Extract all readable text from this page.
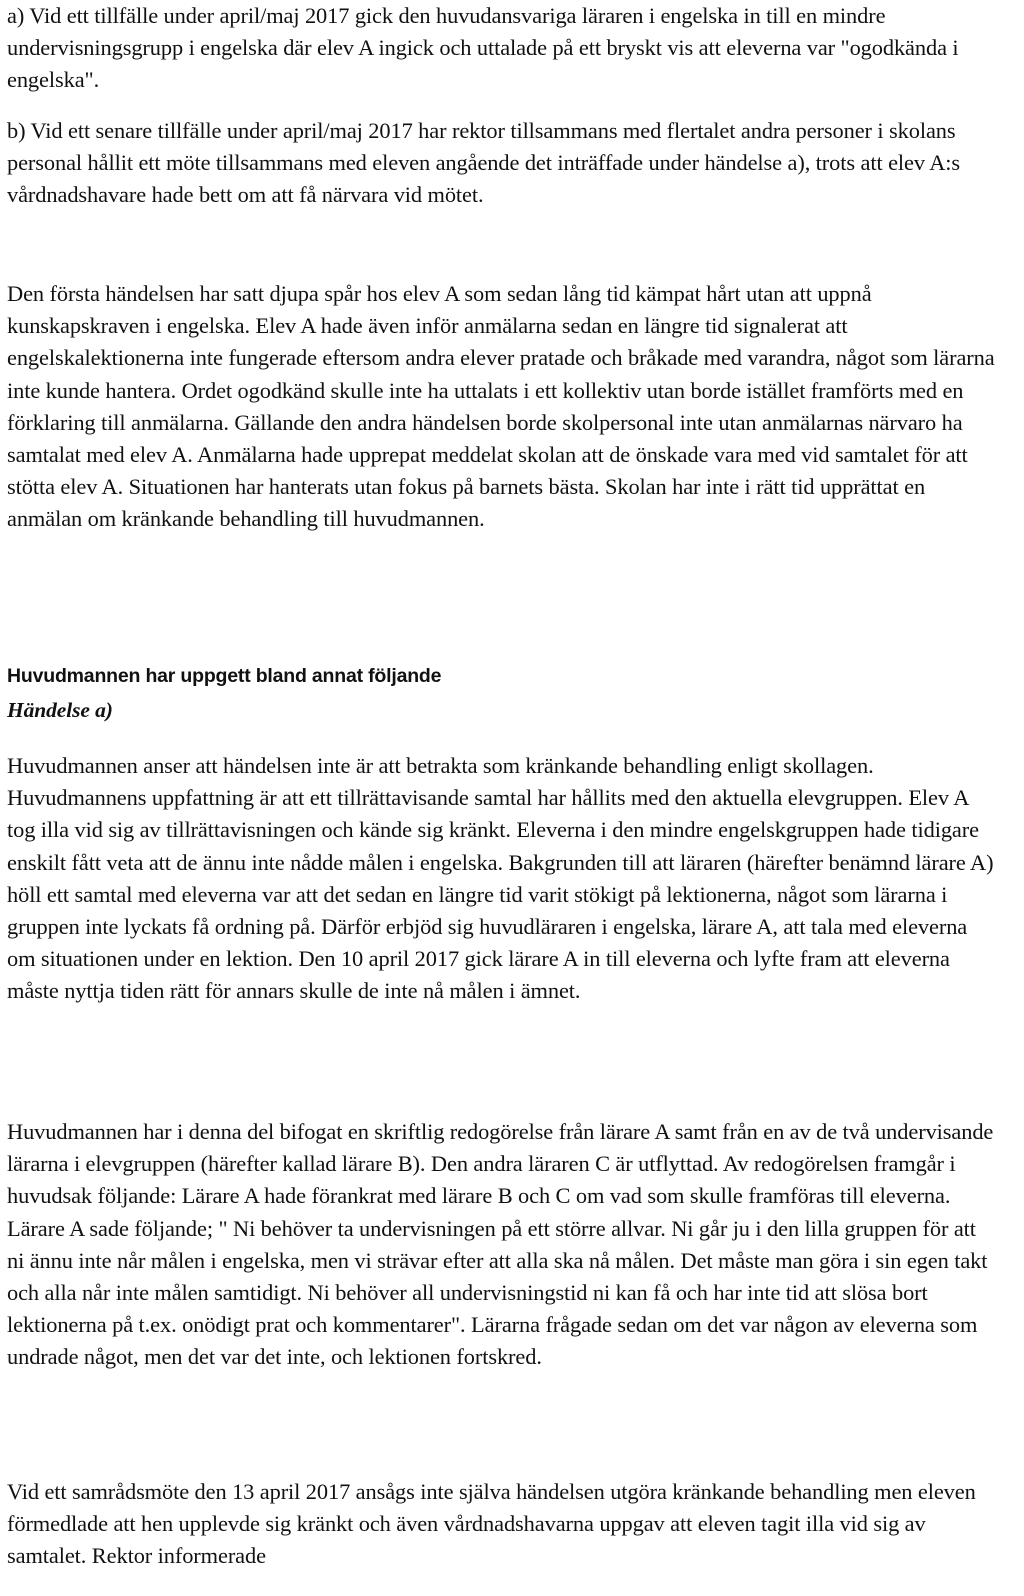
a) Vid ett tillfälle under april/maj 2017 gick den huvudansvariga läraren i engelska in till en mindre undervisningsgrupp i engelska där elev A ingick och uttalade på ett bryskt vis att eleverna var "ogodkända i engelska".

b) Vid ett senare tillfälle under april/maj 2017 har rektor tillsammans med flertalet andra personer i skolans personal hållit ett möte tillsammans med eleven angående det inträffade under händelse a), trots att elev A:s vårdnadshavare hade bett om att få närvara vid mötet.

Den första händelsen har satt djupa spår hos elev A som sedan lång tid kämpat hårt utan att uppnå kunskapskraven i engelska. Elev A hade även inför anmälarna sedan en längre tid signalerat att engelskalektionerna inte fungerade eftersom andra elever pratade och bråkade med varandra, något som lärarna inte kunde hantera. Ordet ogodkänd skulle inte ha uttalats i ett kollektiv utan borde istället framförts med en förklaring till anmälarna. Gällande den andra händelsen borde skolpersonal inte utan anmälarnas närvaro ha samtalat med elev A. Anmälarna hade upprepat meddelat skolan att de önskade vara med vid samtalet för att stötta elev A. Situationen har hanterats utan fokus på barnets bästa. Skolan har inte i rätt tid upprättat en anmälan om kränkande behandling till huvudmannen.

Huvudmannen har uppgett bland annat följande
Händelse a)

Huvudmannen anser att händelsen inte är att betrakta som kränkande behandling enligt skollagen. Huvudmannens uppfattning är att ett tillrättavisande samtal har hållits med den aktuella elevgruppen. Elev A tog illa vid sig av tillrättavisningen och kände sig kränkt. Eleverna i den mindre engelskgruppen hade tidigare enskilt fått veta att de ännu inte nådde målen i engelska. Bakgrunden till att läraren (härefter benämnd lärare A) höll ett samtal med eleverna var att det sedan en längre tid varit stökigt på lektionerna, något som lärarna i gruppen inte lyckats få ordning på. Därför erbjöd sig huvudläraren i engelska, lärare A, att tala med eleverna om situationen under en lektion. Den 10 april 2017 gick lärare A in till eleverna och lyfte fram att eleverna måste nyttja tiden rätt för annars skulle de inte nå målen i ämnet.

Huvudmannen har i denna del bifogat en skriftlig redogörelse från lärare A samt från en av de två undervisande lärarna i elevgruppen (härefter kallad lärare B). Den andra läraren C är utflyttad. Av redogörelsen framgår i huvudsak följande: Lärare A hade förankrat med lärare B och C om vad som skulle framföras till eleverna. Lärare A sade följande; " Ni behöver ta undervisningen på ett större allvar. Ni går ju i den lilla gruppen för att ni ännu inte når målen i engelska, men vi strävar efter att alla ska nå målen. Det måste man göra i sin egen takt och alla når inte målen samtidigt. Ni behöver all undervisningstid ni kan få och har inte tid att slösa bort lektionerna på t.ex. onödigt prat och kommentarer". Lärarna frågade sedan om det var någon av eleverna som undrade något, men det var det inte, och lektionen fortskred.

Vid ett samrådsmöte den 13 april 2017 ansågs inte själva händelsen utgöra kränkande behandling men eleven förmedlade att hen upplevde sig kränkt och även vårdnadshavarna uppgav att eleven tagit illa vid sig av samtalet. Rektor informerade
